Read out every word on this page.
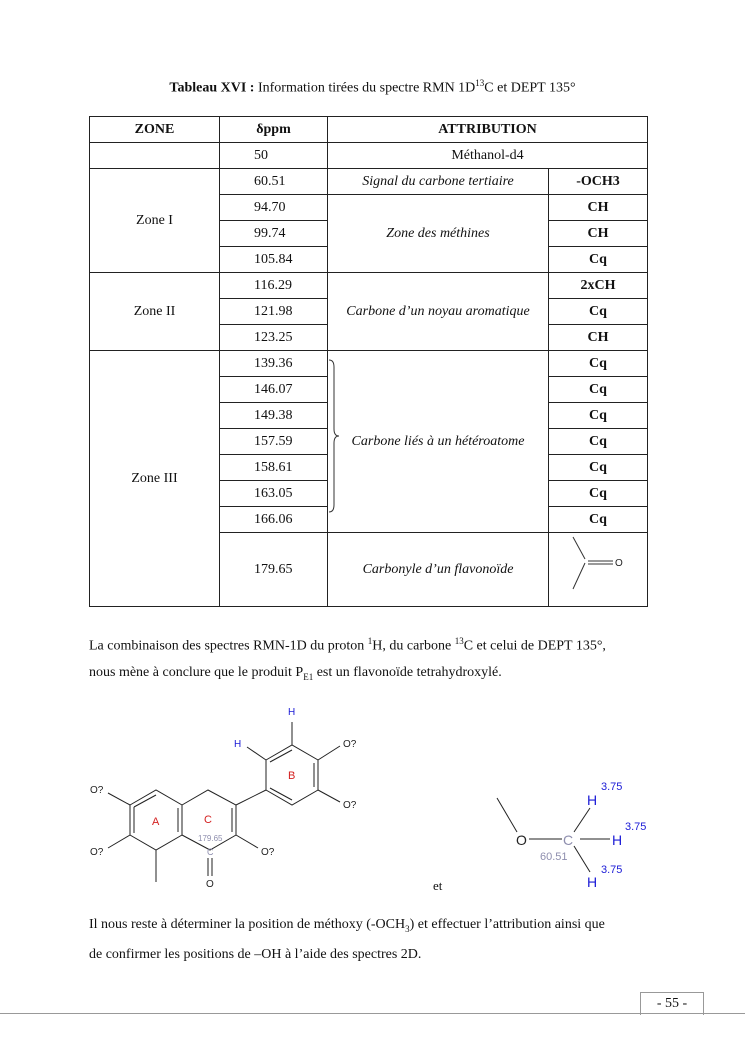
Tableau XVI : Information tirées du spectre RMN $1D^{13}C$ et DEPT 135°
ZONE	δppm	ATTRIBUTION	
	50	Méthanol-d4	
Zone I	60.51	Signal du carbone tertiaire	-OCH3
	94.70	Zone des méthines	CH
	99.74		CH
	105.84		Cq
Zone II	116.29	Carbone d’un noyau aromatique	2xCH
	121.98		Cq
	123.25		CH
Zone III	139.36	Carbone liés à un hétéroatome	Cq
	146.07		Cq
	149.38		Cq
	157.59		Cq
	158.61		Cq
	163.05		Cq
	166.06		Cq
	179.65	Carbonyle d’un flavonoïde	O
La combinaison des spectres RMN-1D du proton $^1$H, du carbone $^{13}$C et celui de DEPT 135°,
nous mène à conclure que le produit $P_{E1}$ est un flavonoïde tetrahydroxylé.
H
H	O?
O?
O?
O?	O?
B
A	C
179.65
C
O	et
O	C
60.51
H
H
H
3.75
3.75
3.75
Il nous reste à déterminer la position de méthoxy $(-OCH_3)$ et effectuer l’attribution ainsi que
de confirmer les positions de –OH à l’aide des spectres 2D.
- 55 -
